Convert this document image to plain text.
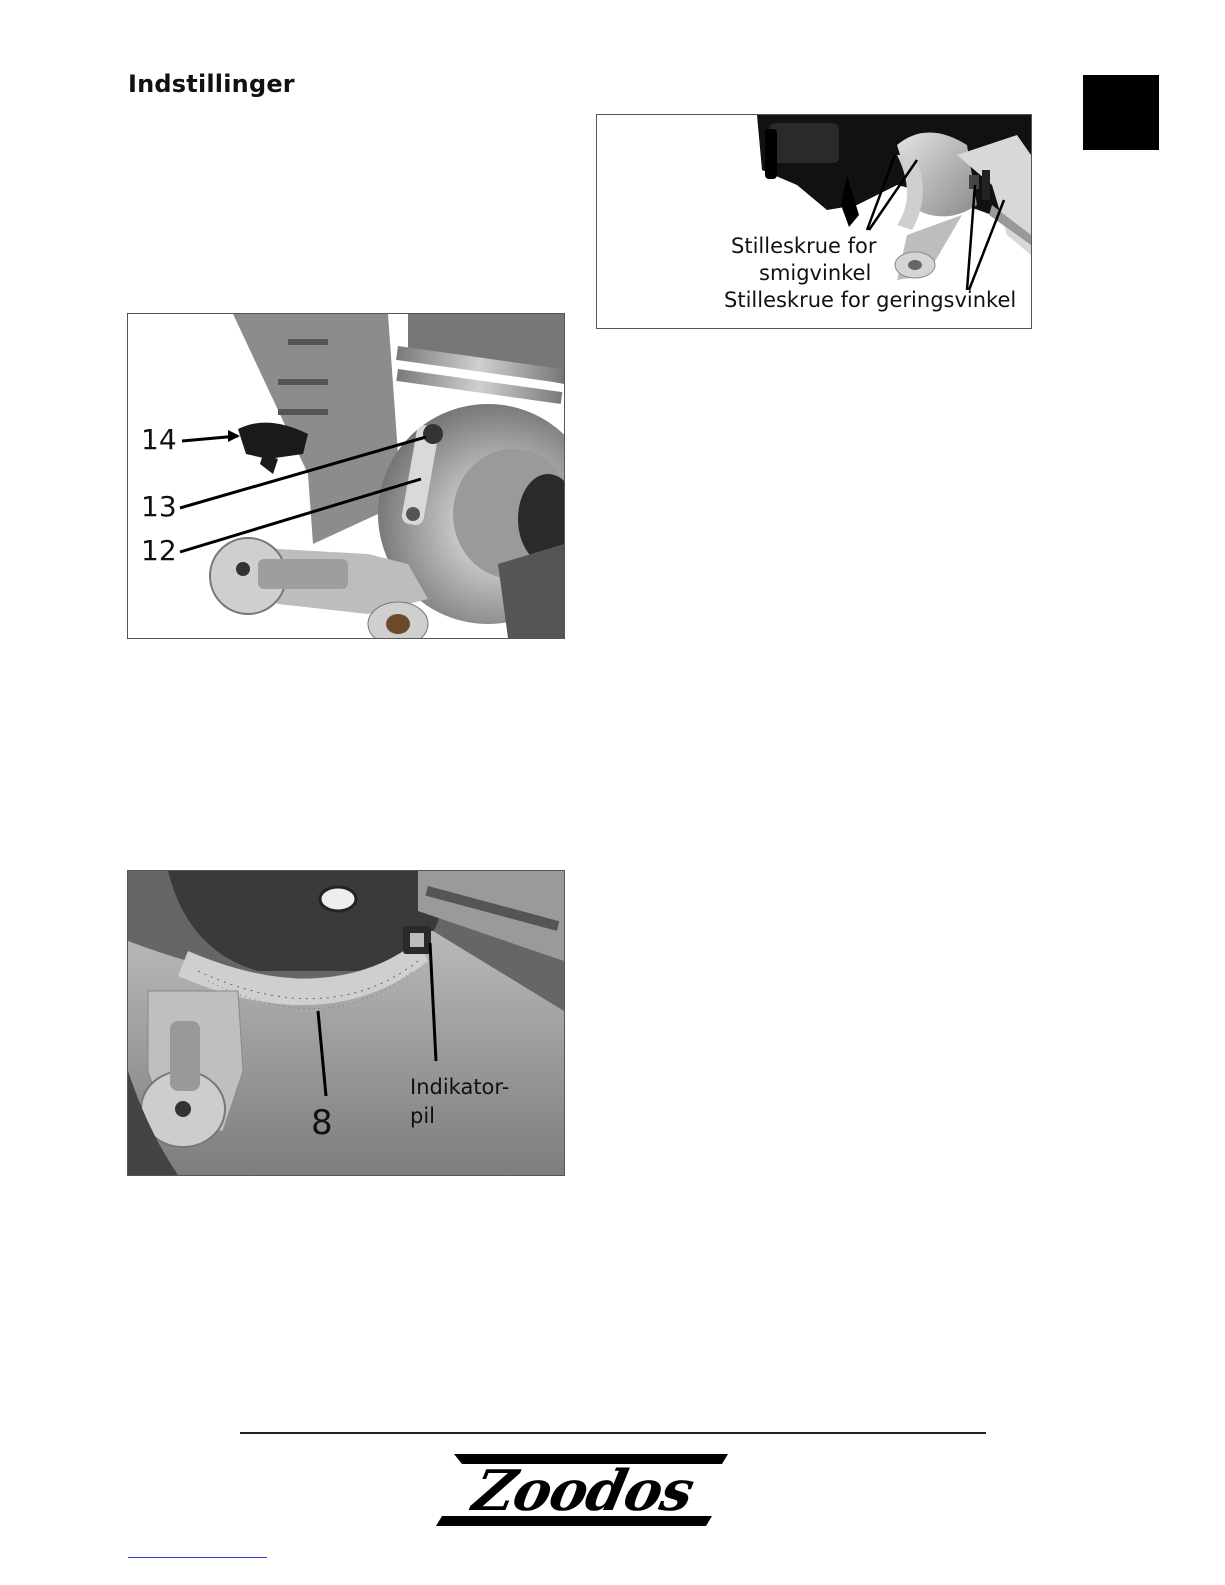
Indstillinger
Stilleskrue for
smigvinkel
Stilleskrue for geringsvinkel
14
13
12
8
Indikator-
pil
Zoodos
